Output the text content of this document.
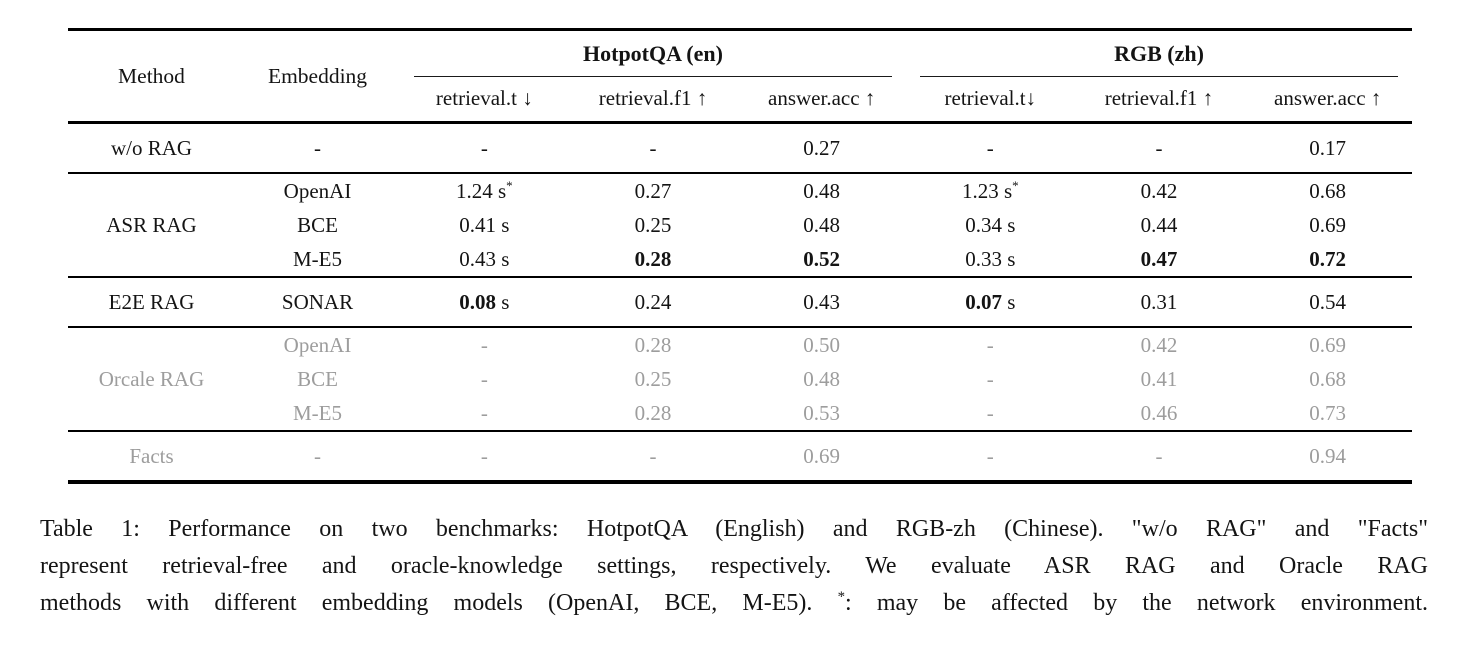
Method	Embedding	HotpotQA (en)			RGB (zh)		

		retrieval.t ↓	retrieval.f1 ↑	answer.acc ↑	retrieval.t↓	retrieval.f1 ↑	answer.acc ↑
w/o RAG	-	-	-	0.27	-	-	0.17
ASR RAG	OpenAI	1.24 s*	0.27	0.48	1.23 s*	0.42	0.68
	BCE	0.41 s	0.25	0.48	0.34 s	0.44	0.69
	M-E5	0.43 s	0.28	0.52	0.33 s	0.47	0.72
E2E RAG	SONAR	0.08 s	0.24	0.43	0.07 s	0.31	0.54
Orcale RAG	OpenAI	-	0.28	0.50	-	0.42	0.69
	BCE	-	0.25	0.48	-	0.41	0.68
	M-E5	-	0.28	0.53	-	0.46	0.73
Facts	-	-	-	0.69	-	-	0.94
Table 1: Performance on two benchmarks: HotpotQA (English) and RGB-zh (Chinese). "w/o RAG" and "Facts"
represent retrieval-free and oracle-knowledge settings, respectively. We evaluate ASR RAG and Oracle RAG
methods with different embedding models (OpenAI, BCE, M-E5). *: may be affected by the network environment.
